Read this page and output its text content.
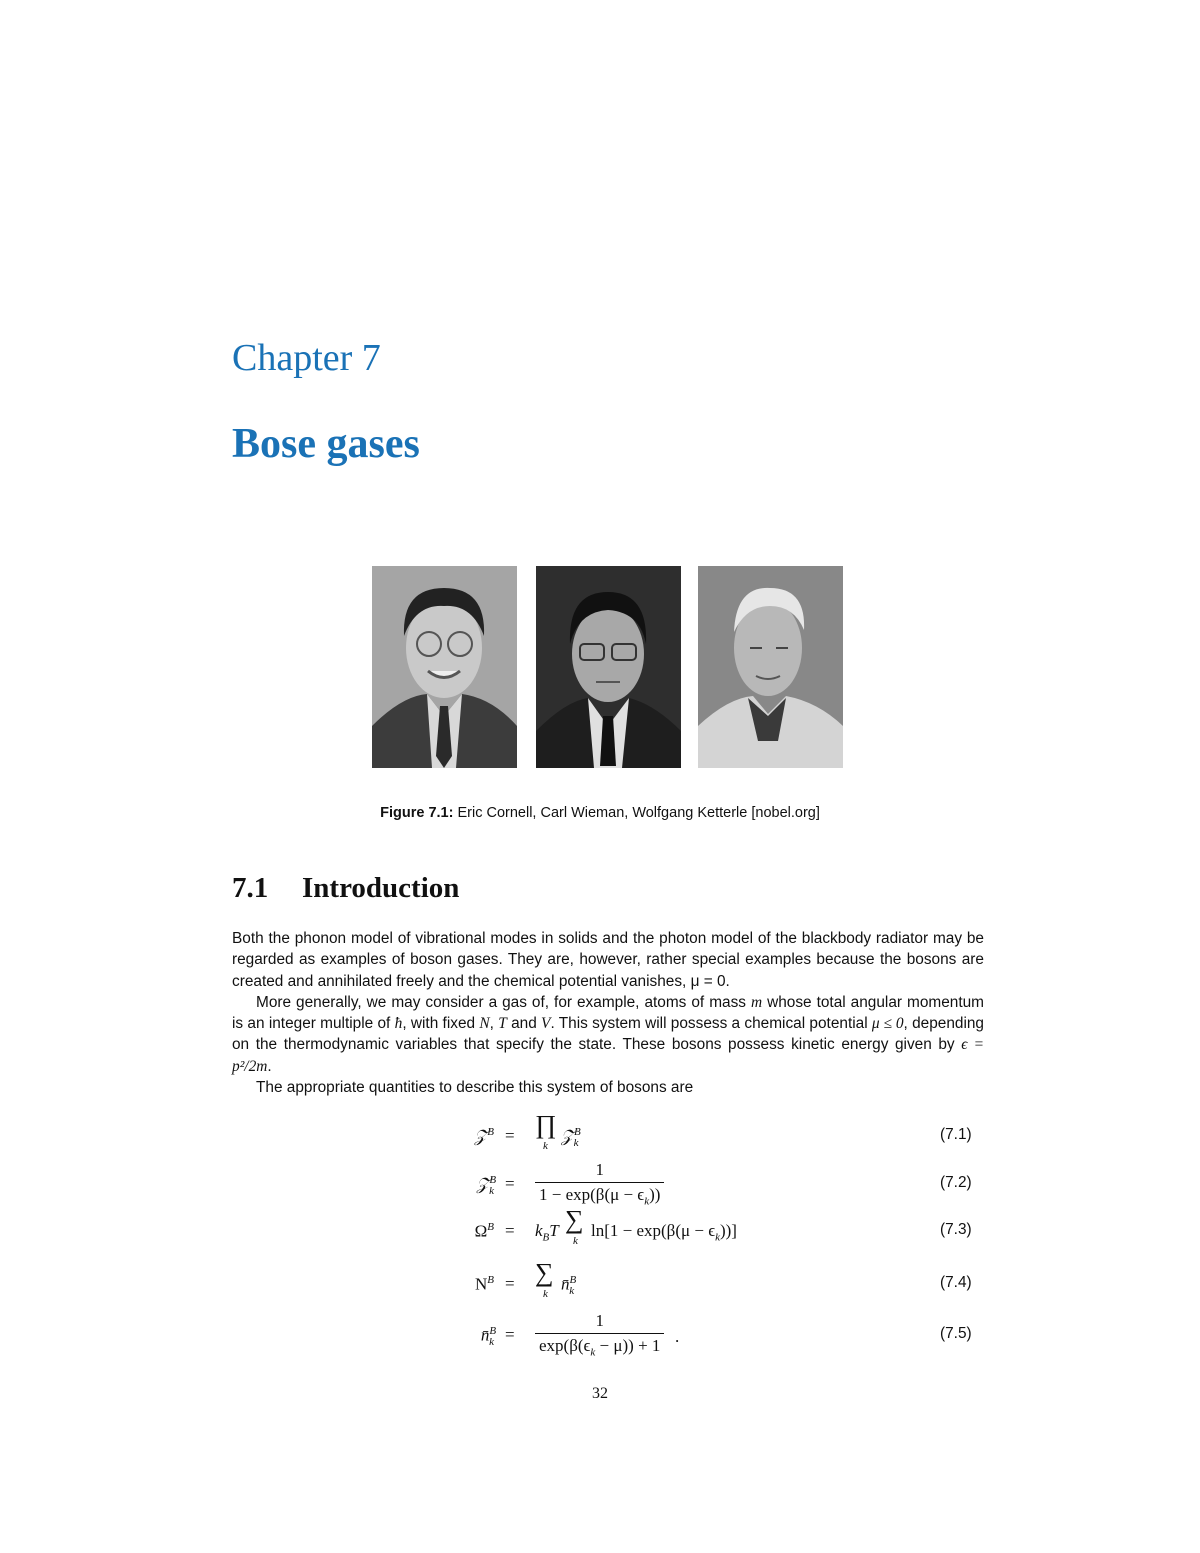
Chapter 7
Bose gases
Figure 7.1: Eric Cornell, Carl Wieman, Wolfgang Ketterle [nobel.org]
7.1 Introduction

Both the phonon model of vibrational modes in solids and the photon model of the blackbody radiator may be regarded as examples of boson gases. They are, however, rather special examples because the bosons are created and annihilated freely and the chemical potential vanishes, μ = 0.

More generally, we may consider a gas of, for example, atoms of mass m whose total angular momentum is an integer multiple of ħ, with fixed N, T and V. This system will possess a chemical potential μ ≤ 0, depending on the thermodynamic variables that specify the state. These bosons possess kinetic energy given by ϵ = p²/2m.

The appropriate quantities to describe this system of bosons are

𝒵$^B$ = ∏
k
𝒵$^B_k$
(7.1)
𝒵$^B_k$ = $\frac{1}{1 - \exp(\beta(\mu - \epsilon_k))}$	(7.2)
$\Omega^B = k_BT$ ∑
k
$\ln[1 - \exp(\beta(\mu - \epsilon_k))]$	(7.3)
$N^B$ = ∑
k
n̄$^B_k$
(7.4)
n̄$^B_k$ = $\frac{1}{\exp(\beta(\epsilon_k - \mu)) + 1}$ .	(7.5)
32
